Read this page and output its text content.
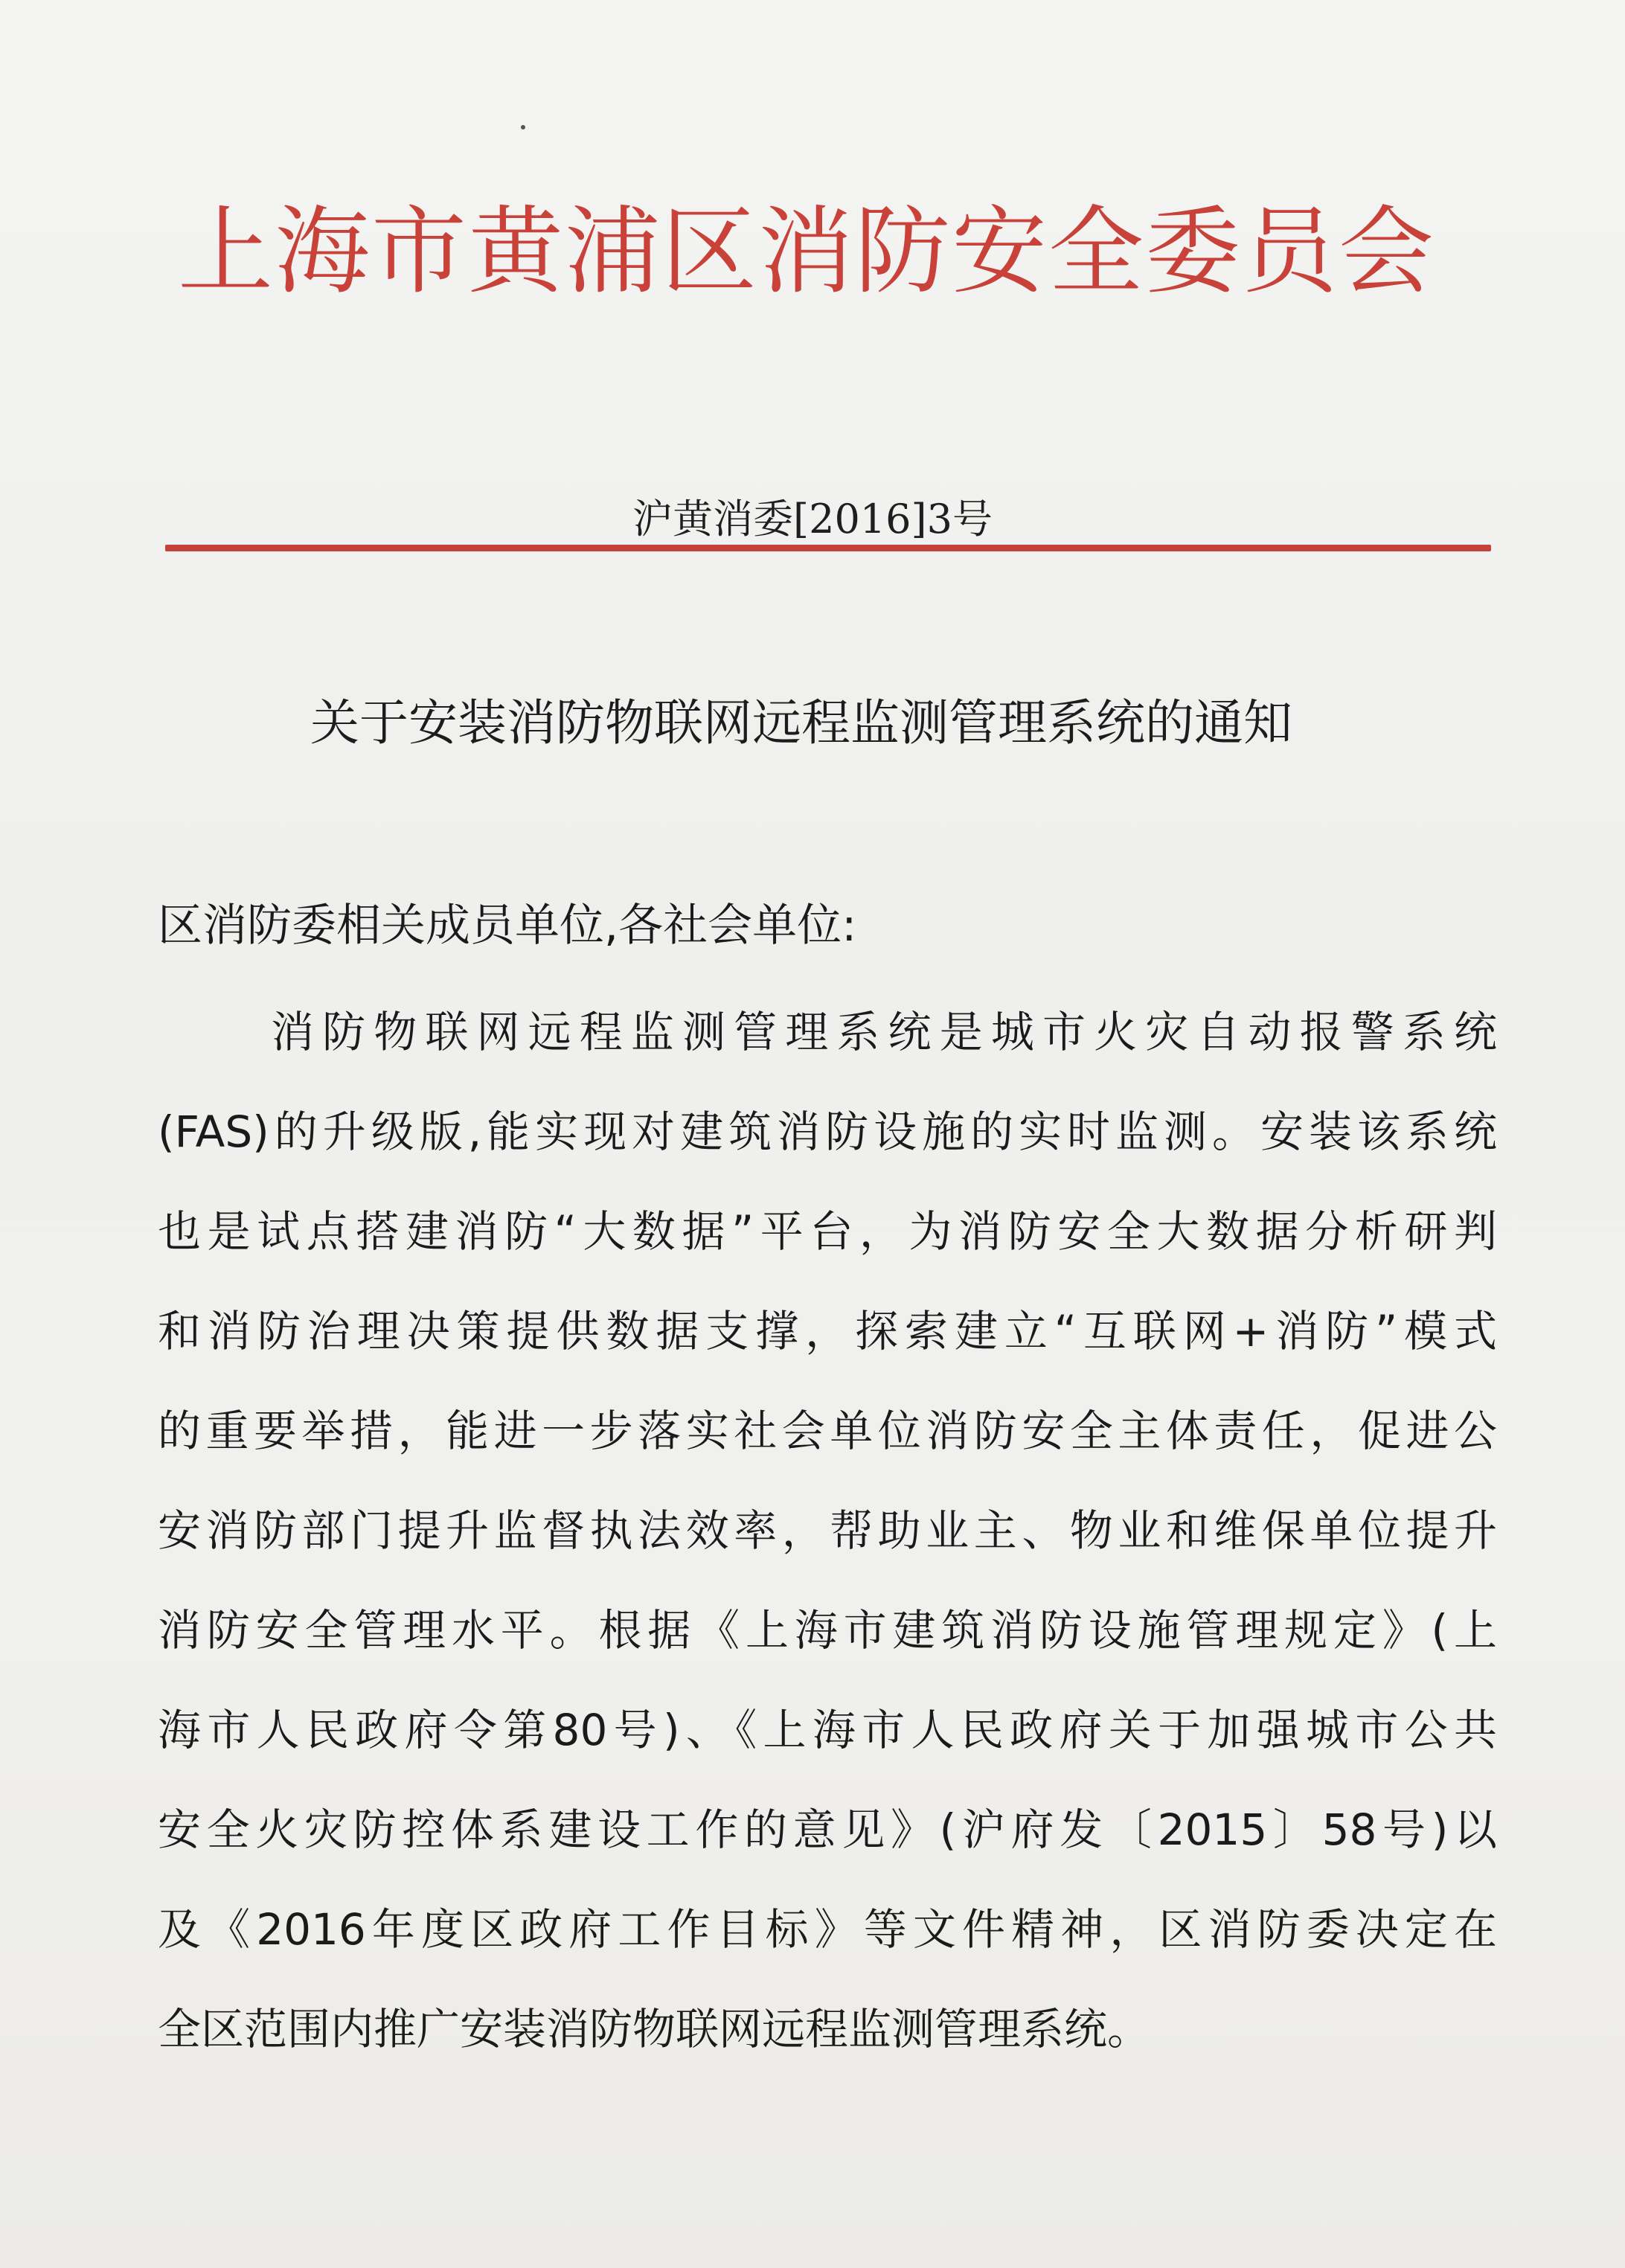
上海市黄浦区消防安全委员会
沪黄消委[2016]3号
关于安装消防物联网远程监测管理系统的通知
区消防委相关成员单位,各社会单位:
消防物联网远程监测管理系统是城市火灾自动报警系统
(FAS)的升级版,能实现对建筑消防设施的实时监测。安装该系统
也是试点搭建消防“大数据”平台，为消防安全大数据分析研判
和消防治理决策提供数据支撑，探索建立“互联网+消防”模式
的重要举措，能进一步落实社会单位消防安全主体责任，促进公
安消防部门提升监督执法效率，帮助业主、物业和维保单位提升
消防安全管理水平。根据《上海市建筑消防设施管理规定》(上
海市人民政府令第80号)、《上海市人民政府关于加强城市公共
安全火灾防控体系建设工作的意见》(沪府发〔2015〕58号)以
及《2016年度区政府工作目标》等文件精神，区消防委决定在
全区范围内推广安装消防物联网远程监测管理系统。
